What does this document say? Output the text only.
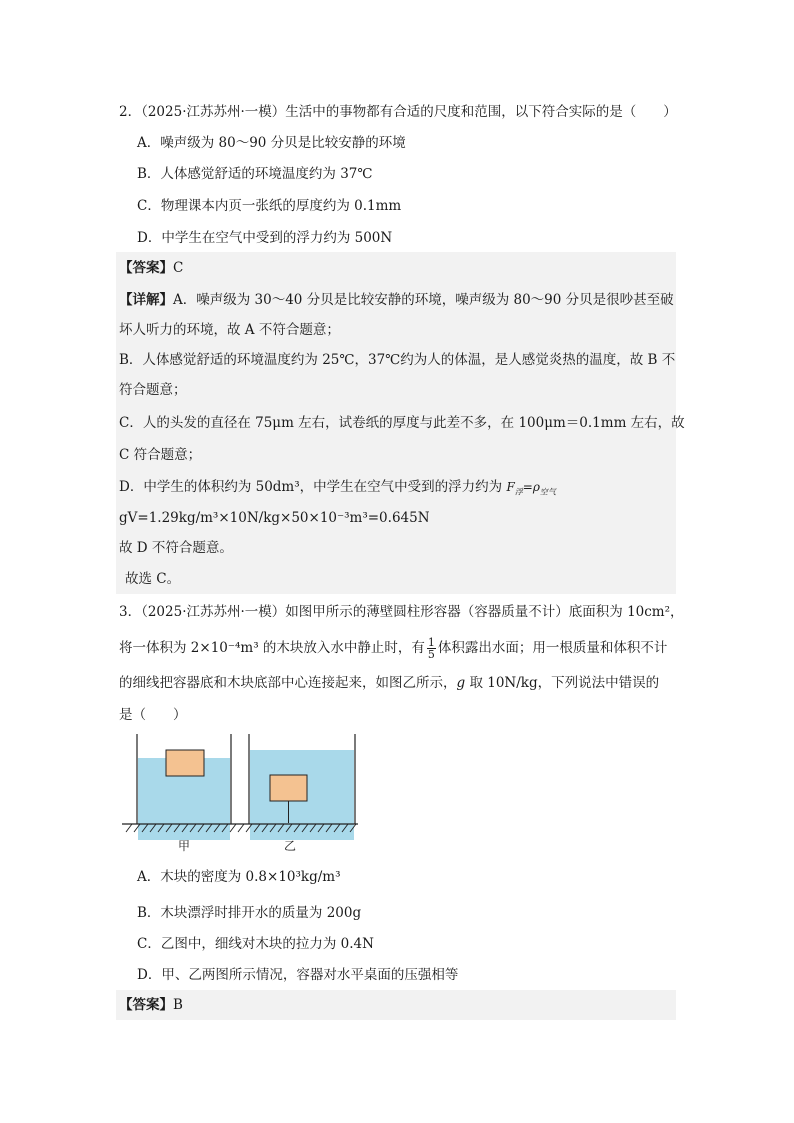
2．（2025·江苏苏州·一模）生活中的事物都有合适的尺度和范围，以下符合实际的是（　　）
A．噪声级为 80～90 分贝是比较安静的环境
B．人体感觉舒适的环境温度约为 37℃
C．物理课本内页一张纸的厚度约为 0.1mm
D．中学生在空气中受到的浮力约为 500N
【答案】C
【详解】A．噪声级为 30～40 分贝是比较安静的环境，噪声级为 80～90 分贝是很吵甚至破
坏人听力的环境，故 A 不符合题意；
B．人体感觉舒适的环境温度约为 25℃，37℃约为人的体温，是人感觉炎热的温度，故 B 不
符合题意；
C．人的头发的直径在 75μm 左右，试卷纸的厚度与此差不多，在 100μm＝0.1mm 左右，故
C 符合题意；
D．中学生的体积约为 50dm³，中学生在空气中受到的浮力约为 $F_浮=\rho_{空气}$
gV=1.29kg/m³×10N/kg×50×10⁻³m³=0.645N
故 D 不符合题意。
故选 C。
3．（2025·江苏苏州·一模）如图甲所示的薄壁圆柱形容器（容器质量不计）底面积为 10cm²，
将一体积为 2×10⁻⁴m³ 的木块放入水中静止时，有 $\frac{1}{5}$ 体积露出水面；用一根质量和体积不计
的细线把容器底和木块底部中心连接起来，如图乙所示，g 取 10N/kg，下列说法中错误的
是（　　）
甲	乙
A．木块的密度为 0.8×10³kg/m³
B．木块漂浮时排开水的质量为 200g
C．乙图中，细线对木块的拉力为 0.4N
D．甲、乙两图所示情况，容器对水平桌面的压强相等
【答案】B
